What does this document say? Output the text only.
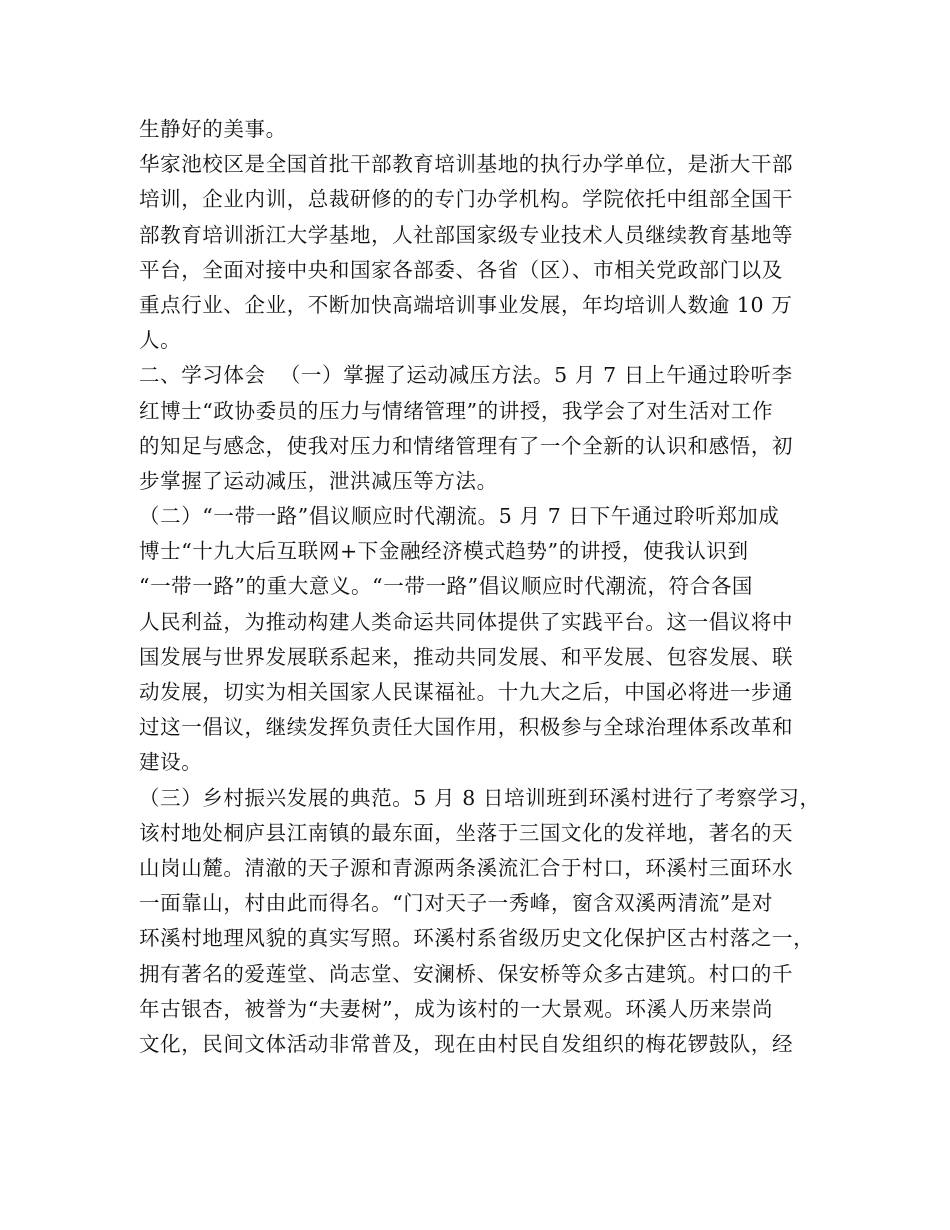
生静好的美事。
华家池校区是全国首批干部教育培训基地的执行办学单位，是浙大干部
培训，企业内训，总裁研修的的专门办学机构。学院依托中组部全国干
部教育培训浙江大学基地，人社部国家级专业技术人员继续教育基地等
平台，全面对接中央和国家各部委、各省（区）、市相关党政部门以及
重点行业、企业，不断加快高端培训事业发展，年均培训人数逾 10 万
人。
二、学习体会  （一）掌握了运动减压方法。5 月 7 日上午通过聆听李
红博士“政协委员的压力与情绪管理”的讲授，我学会了对生活对工作
的知足与感念，使我对压力和情绪管理有了一个全新的认识和感悟，初
步掌握了运动减压，泄洪减压等方法。
（二）“一带一路”倡议顺应时代潮流。5 月 7 日下午通过聆听郑加成
博士“十九大后互联网+下金融经济模式趋势”的讲授，使我认识到
“一带一路”的重大意义。“一带一路”倡议顺应时代潮流，符合各国
人民利益，为推动构建人类命运共同体提供了实践平台。这一倡议将中
国发展与世界发展联系起来，推动共同发展、和平发展、包容发展、联
动发展，切实为相关国家人民谋福祉。十九大之后，中国必将进一步通
过这一倡议，继续发挥负责任大国作用，积极参与全球治理体系改革和
建设。
（三）乡村振兴发展的典范。5 月 8 日培训班到环溪村进行了考察学习，
该村地处桐庐县江南镇的最东面，坐落于三国文化的发祥地，著名的天
山岗山麓。清澈的天子源和青源两条溪流汇合于村口，环溪村三面环水
一面靠山，村由此而得名。“门对天子一秀峰，窗含双溪两清流”是对
环溪村地理风貌的真实写照。环溪村系省级历史文化保护区古村落之一，
拥有著名的爱莲堂、尚志堂、安澜桥、保安桥等众多古建筑。村口的千
年古银杏，被誉为“夫妻树”，成为该村的一大景观。环溪人历来崇尚
文化，民间文体活动非常普及，现在由村民自发组织的梅花锣鼓队，经
